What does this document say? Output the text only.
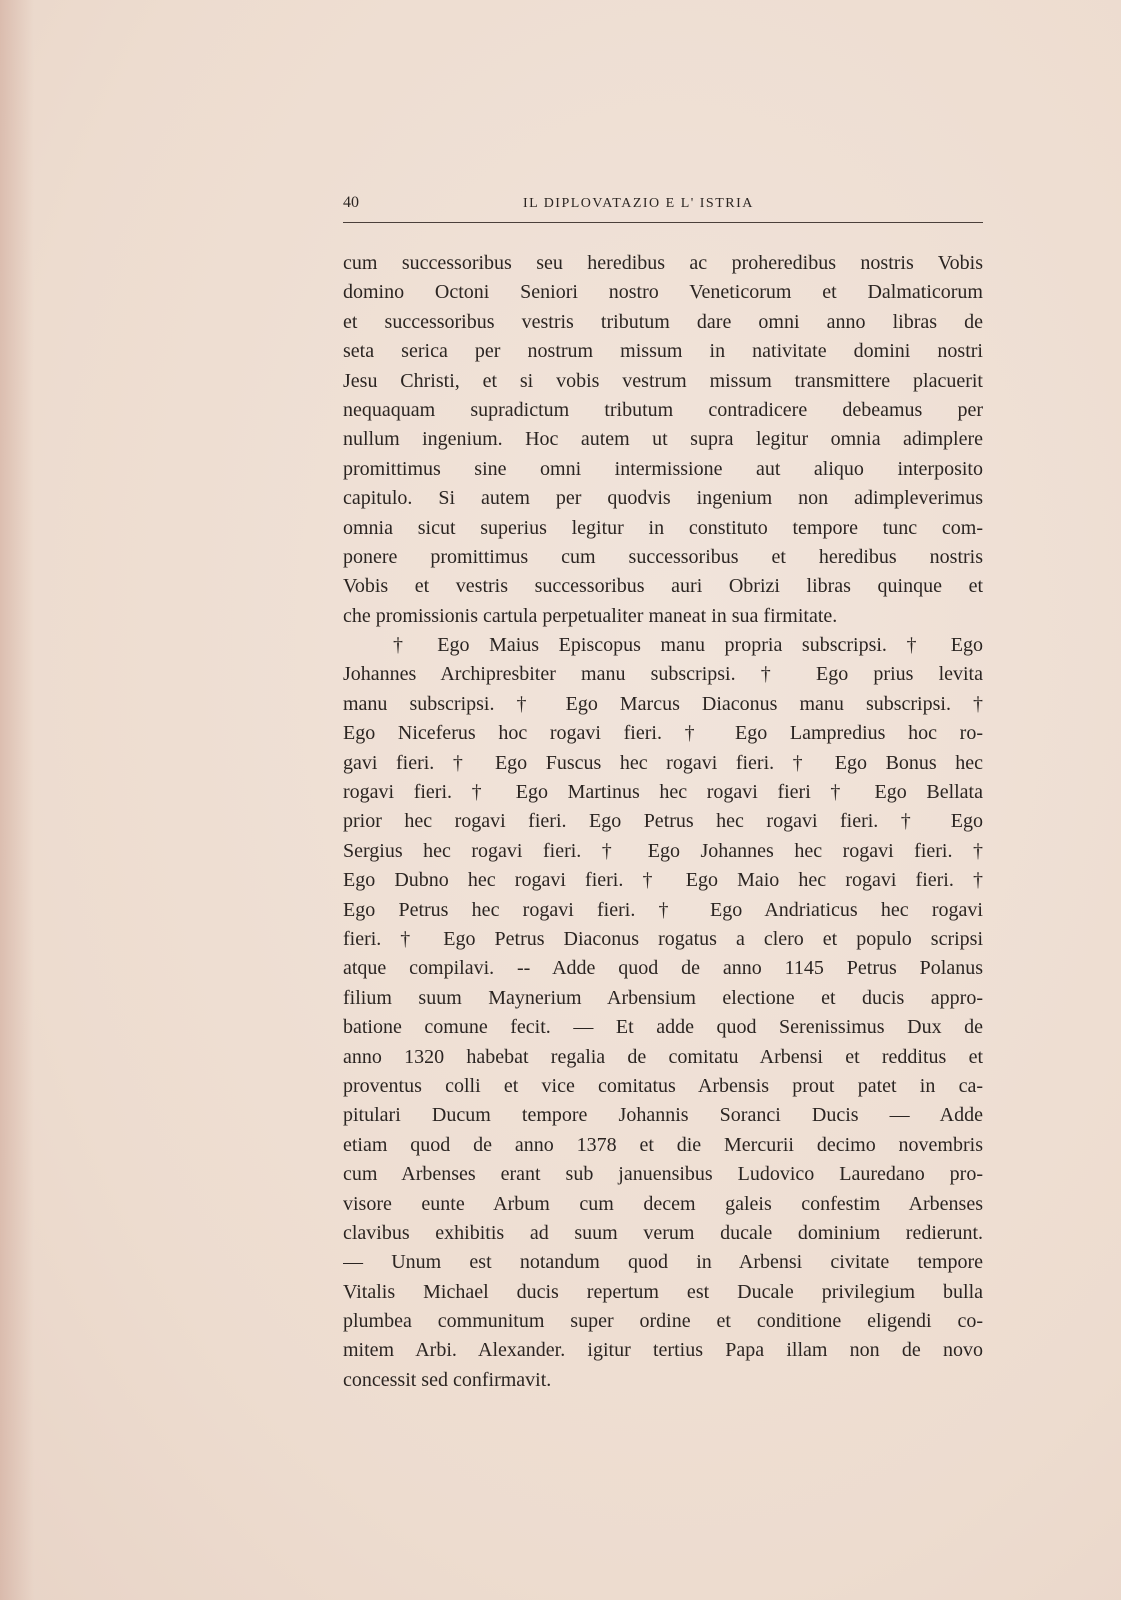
40	IL DIPLOVATAZIO E L' ISTRIA
cum successoribus seu heredibus ac proheredibus nostris Vobis
domino Octoni Seniori nostro Veneticorum et Dalmaticorum
et successoribus vestris tributum dare omni anno libras de
seta serica per nostrum missum in nativitate domini nostri
Jesu Christi, et si vobis vestrum missum transmittere placuerit
nequaquam supradictum tributum contradicere debeamus per
nullum ingenium. Hoc autem ut supra legitur omnia adimplere
promittimus sine omni intermissione aut aliquo interposito
capitulo. Si autem per quodvis ingenium non adimpleverimus
omnia sicut superius legitur in constituto tempore tunc com-
ponere promittimus cum successoribus et heredibus nostris
Vobis et vestris successoribus auri Obrizi libras quinque et
che promissionis cartula perpetualiter maneat in sua firmitate.
† Ego Maius Episcopus manu propria subscripsi. † Ego
Johannes Archipresbiter manu subscripsi. † Ego prius levita
manu subscripsi. † Ego Marcus Diaconus manu subscripsi. †
Ego Niceferus hoc rogavi fieri. † Ego Lampredius hoc ro-
gavi fieri. † Ego Fuscus hec rogavi fieri. † Ego Bonus hec
rogavi fieri. † Ego Martinus hec rogavi fieri † Ego Bellata
prior hec rogavi fieri. Ego Petrus hec rogavi fieri. † Ego
Sergius hec rogavi fieri. † Ego Johannes hec rogavi fieri. †
Ego Dubno hec rogavi fieri. † Ego Maio hec rogavi fieri. †
Ego Petrus hec rogavi fieri. † Ego Andriaticus hec rogavi
fieri. † Ego Petrus Diaconus rogatus a clero et populo scripsi
atque compilavi. -- Adde quod de anno 1145 Petrus Polanus
filium suum Maynerium Arbensium electione et ducis appro-
batione comune fecit. — Et adde quod Serenissimus Dux de
anno 1320 habebat regalia de comitatu Arbensi et redditus et
proventus colli et vice comitatus Arbensis prout patet in ca-
pitulari Ducum tempore Johannis Soranci Ducis — Adde
etiam quod de anno 1378 et die Mercurii decimo novembris
cum Arbenses erant sub januensibus Ludovico Lauredano pro-
visore eunte Arbum cum decem galeis confestim Arbenses
clavibus exhibitis ad suum verum ducale dominium redierunt.
— Unum est notandum quod in Arbensi civitate tempore
Vitalis Michael ducis repertum est Ducale privilegium bulla
plumbea communitum super ordine et conditione eligendi co-
mitem Arbi. Alexander. igitur tertius Papa illam non de novo
concessit sed confirmavit.
